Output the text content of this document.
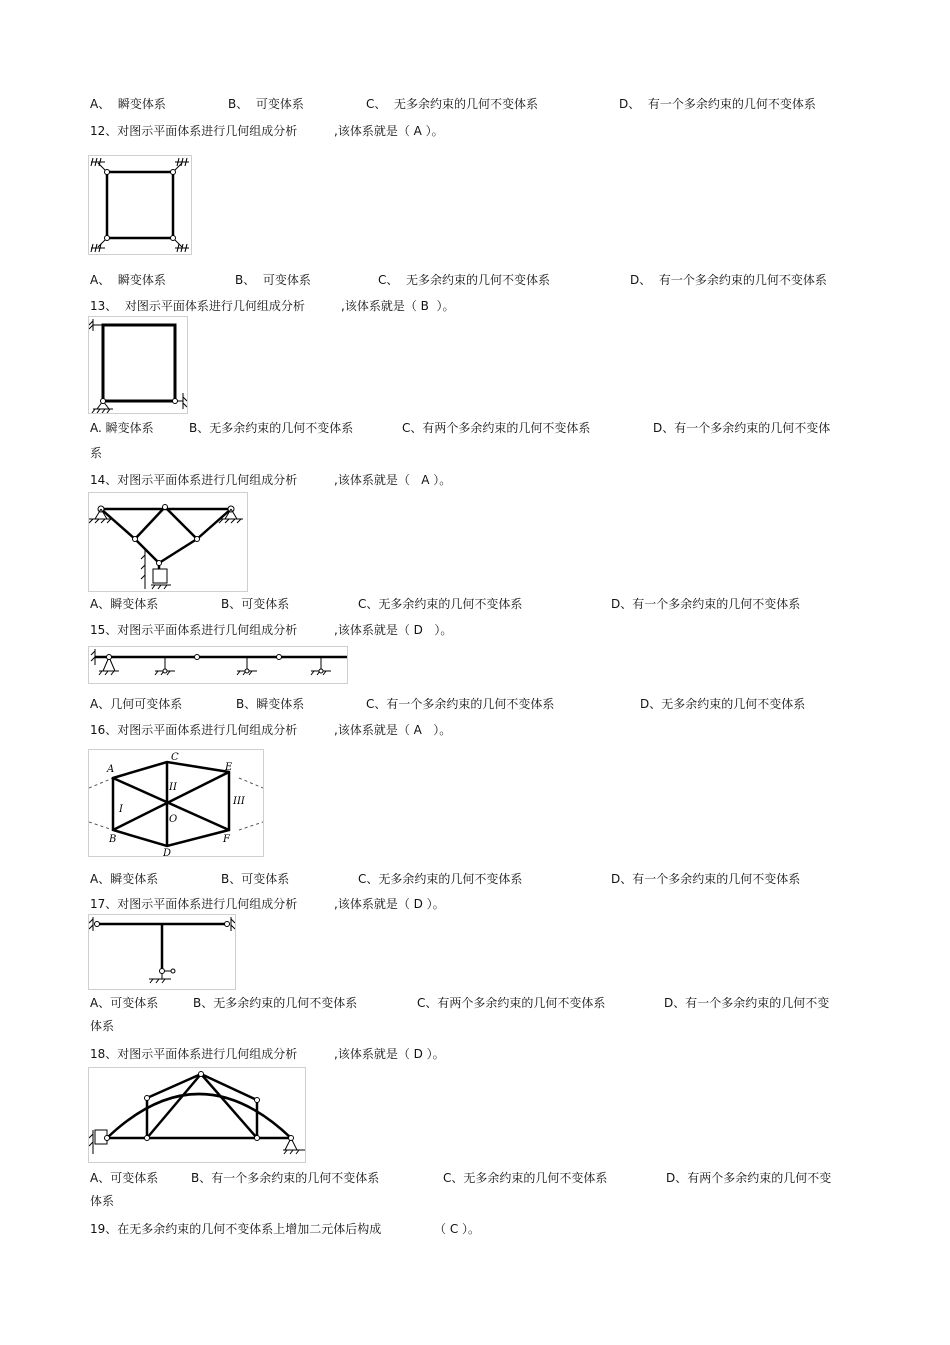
A、  瞬变体系	B、  可变体系	C、  无多余约束的几何不变体系	D、  有一个多余约束的几何不变体系
12、对图示平面体系进行几何组成分析	,该体系就是（ A ）。
A、  瞬变体系	B、  可变体系	C、  无多余约束的几何不变体系	D、  有一个多余约束的几何不变体系
13、  对图示平面体系进行几何组成分析	,该体系就是（ B  ）。
A. 瞬变体系	B、无多余约束的几何不变体系	C、有两个多余约束的几何不变体系	D、有一个多余约束的几何不变体
系
14、对图示平面体系进行几何组成分析	,该体系就是（   A ）。
A、瞬变体系	B、可变体系	C、无多余约束的几何不变体系	D、有一个多余约束的几何不变体系
15、对图示平面体系进行几何组成分析	,该体系就是（ D   ）。
A、几何可变体系	B、瞬变体系	C、有一个多余约束的几何不变体系	D、无多余约束的几何不变体系
16、对图示平面体系进行几何组成分析	,该体系就是（ A   ）。
A
C
E
B
D
F
O
I
II
III
A、瞬变体系	B、可变体系	C、无多余约束的几何不变体系	D、有一个多余约束的几何不变体系
17、对图示平面体系进行几何组成分析	,该体系就是（ D ）。
A、可变体系	B、无多余约束的几何不变体系	C、有两个多余约束的几何不变体系	D、有一个多余约束的几何不变
体系
18、对图示平面体系进行几何组成分析	,该体系就是（ D ）。
A、可变体系	B、有一个多余约束的几何不变体系	C、无多余约束的几何不变体系	D、有两个多余约束的几何不变
体系
19、在无多余约束的几何不变体系上增加二元体后构成	（ C ）。
